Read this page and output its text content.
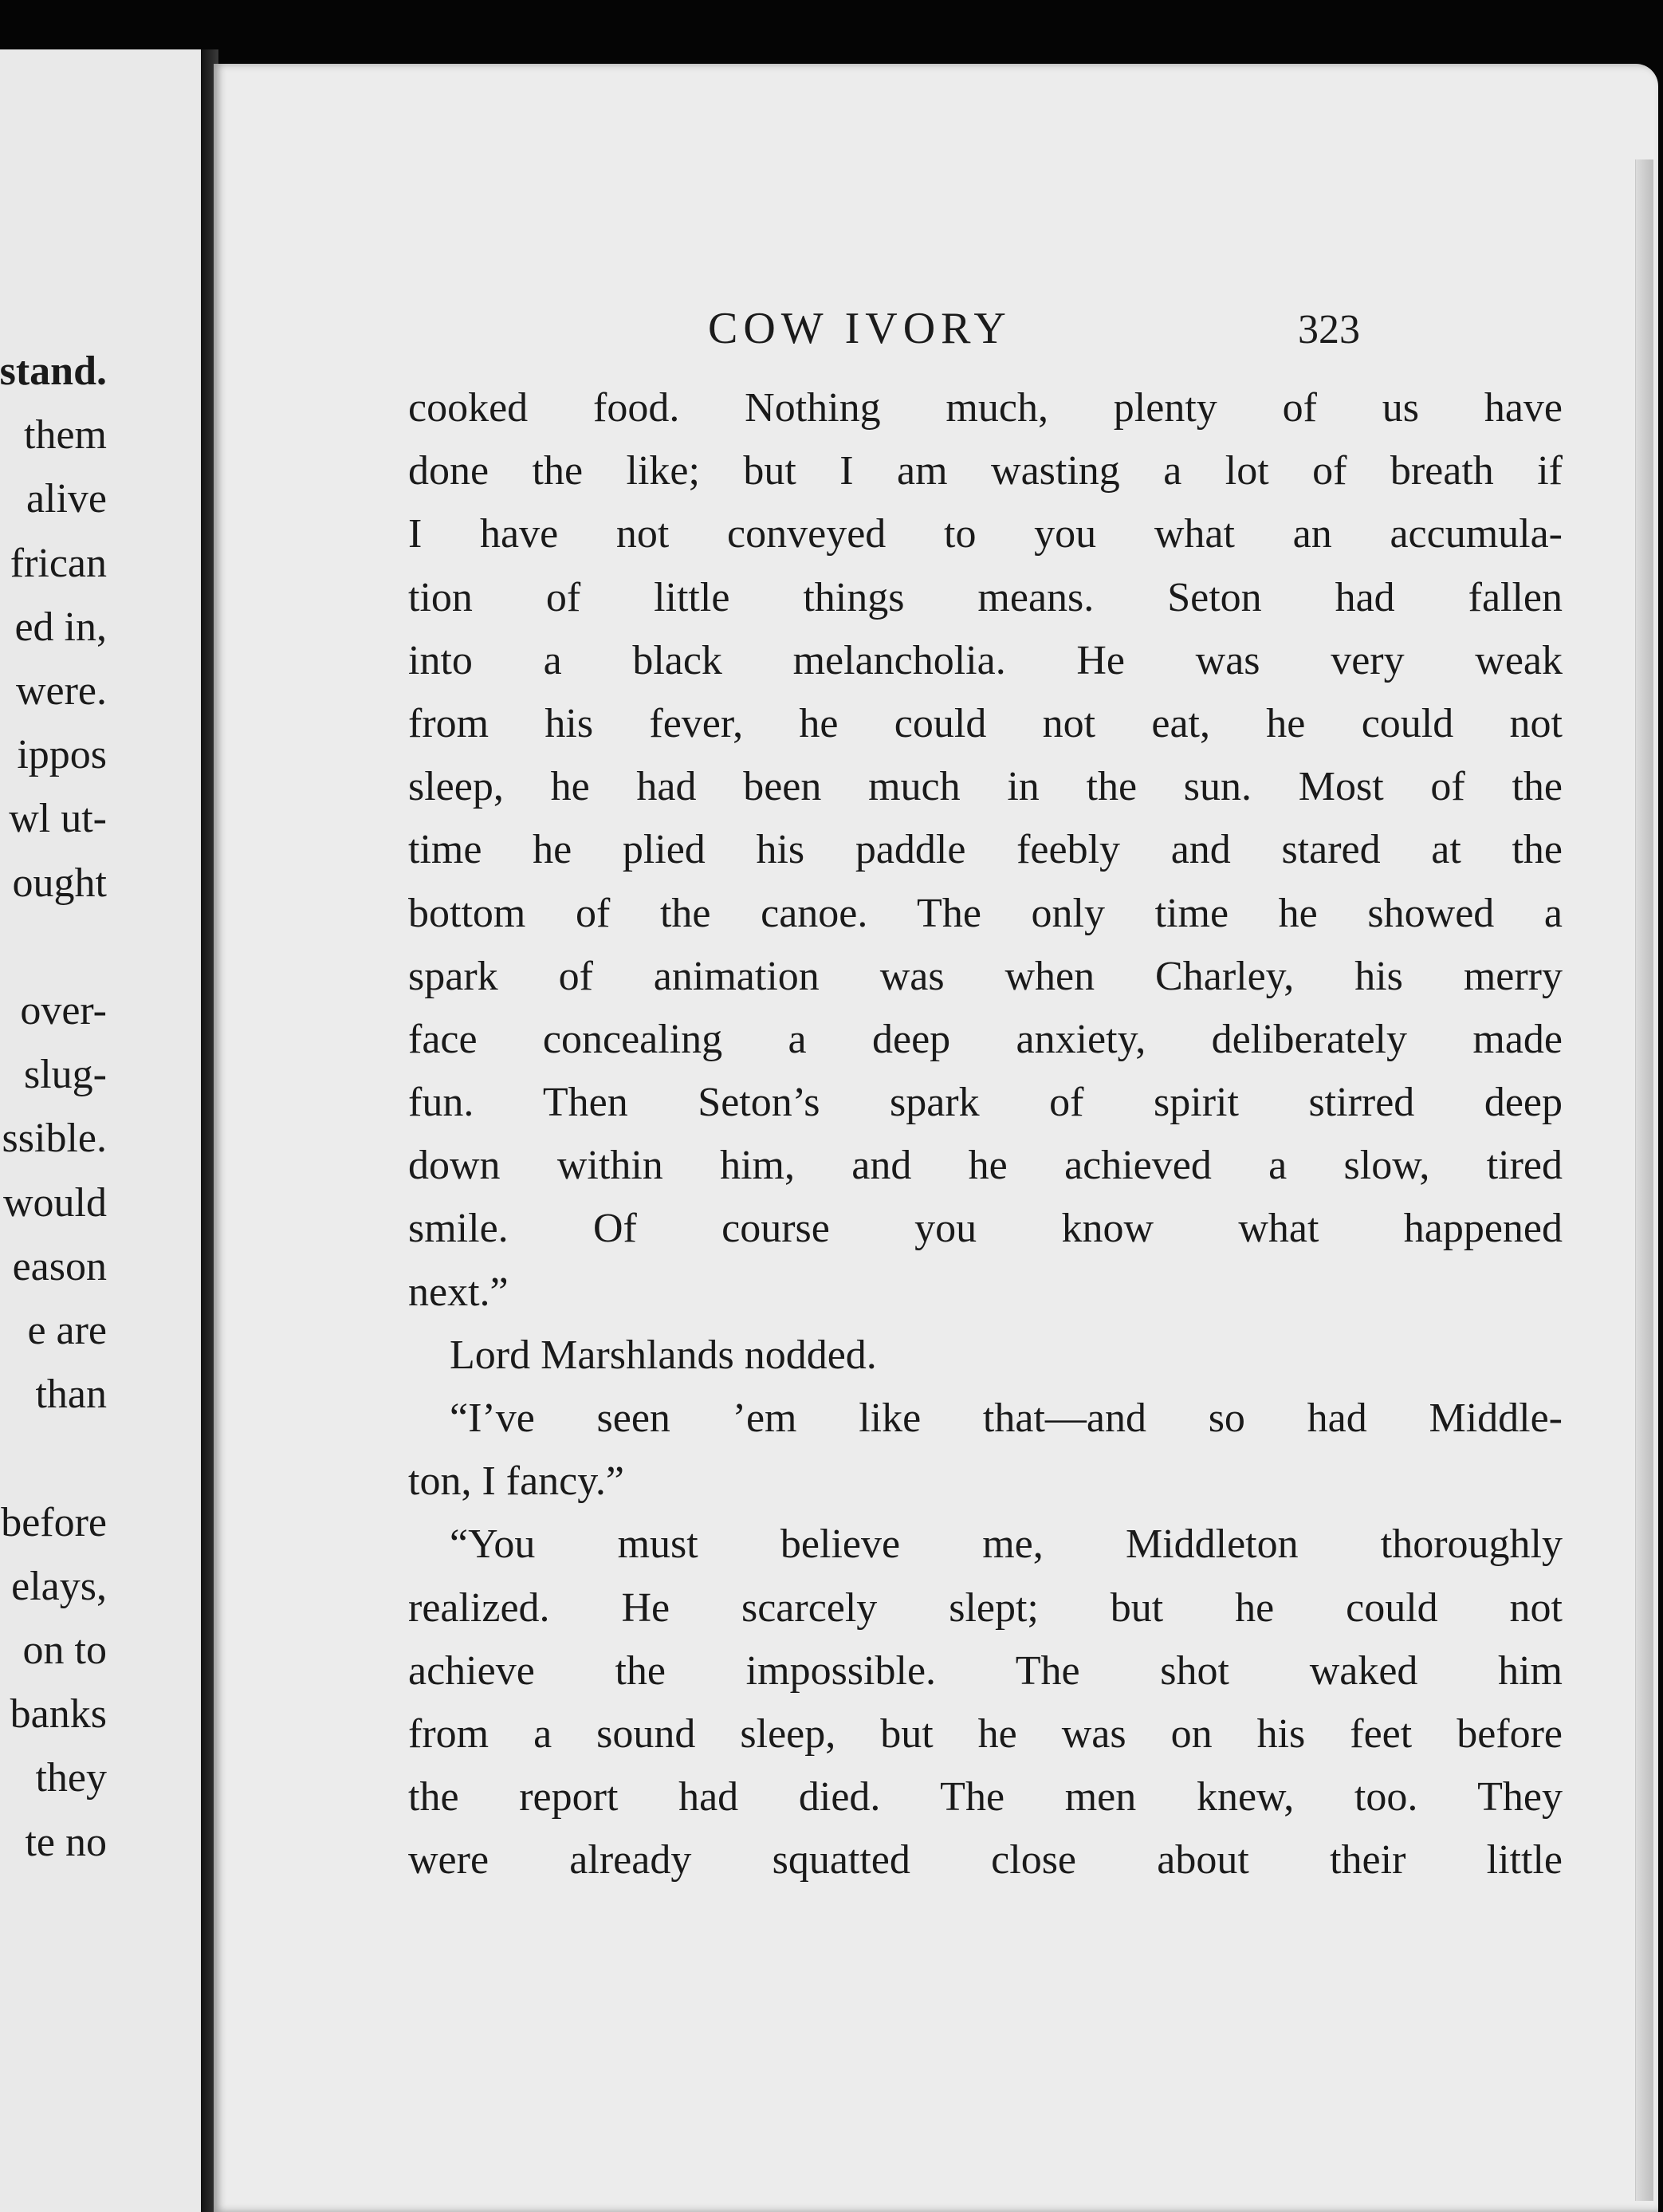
stand.
them
alive
frican
ed in,
were.
ippos
wl ut-
ought
over-
slug-
ssible.
would
eason
e are
than
before
elays,
on to
banks
they
te no
COW IVORY	323
cooked food. Nothing much, plenty of us have
done the like; but I am wasting a lot of breath if
I have not conveyed to you what an accumula-
tion of little things means. Seton had fallen
into a black melancholia. He was very weak
from his fever, he could not eat, he could not
sleep, he had been much in the sun. Most of the
time he plied his paddle feebly and stared at the
bottom of the canoe. The only time he showed a
spark of animation was when Charley, his merry
face concealing a deep anxiety, deliberately made
fun. Then Seton’s spark of spirit stirred deep
down within him, and he achieved a slow, tired
smile. Of course you know what happened
next.”
Lord Marshlands nodded.
“I’ve seen ’em like that—and so had Middle-
ton, I fancy.”
“You must believe me, Middleton thoroughly
realized. He scarcely slept; but he could not
achieve the impossible. The shot waked him
from a sound sleep, but he was on his feet before
the report had died. The men knew, too. They
were already squatted close about their little
